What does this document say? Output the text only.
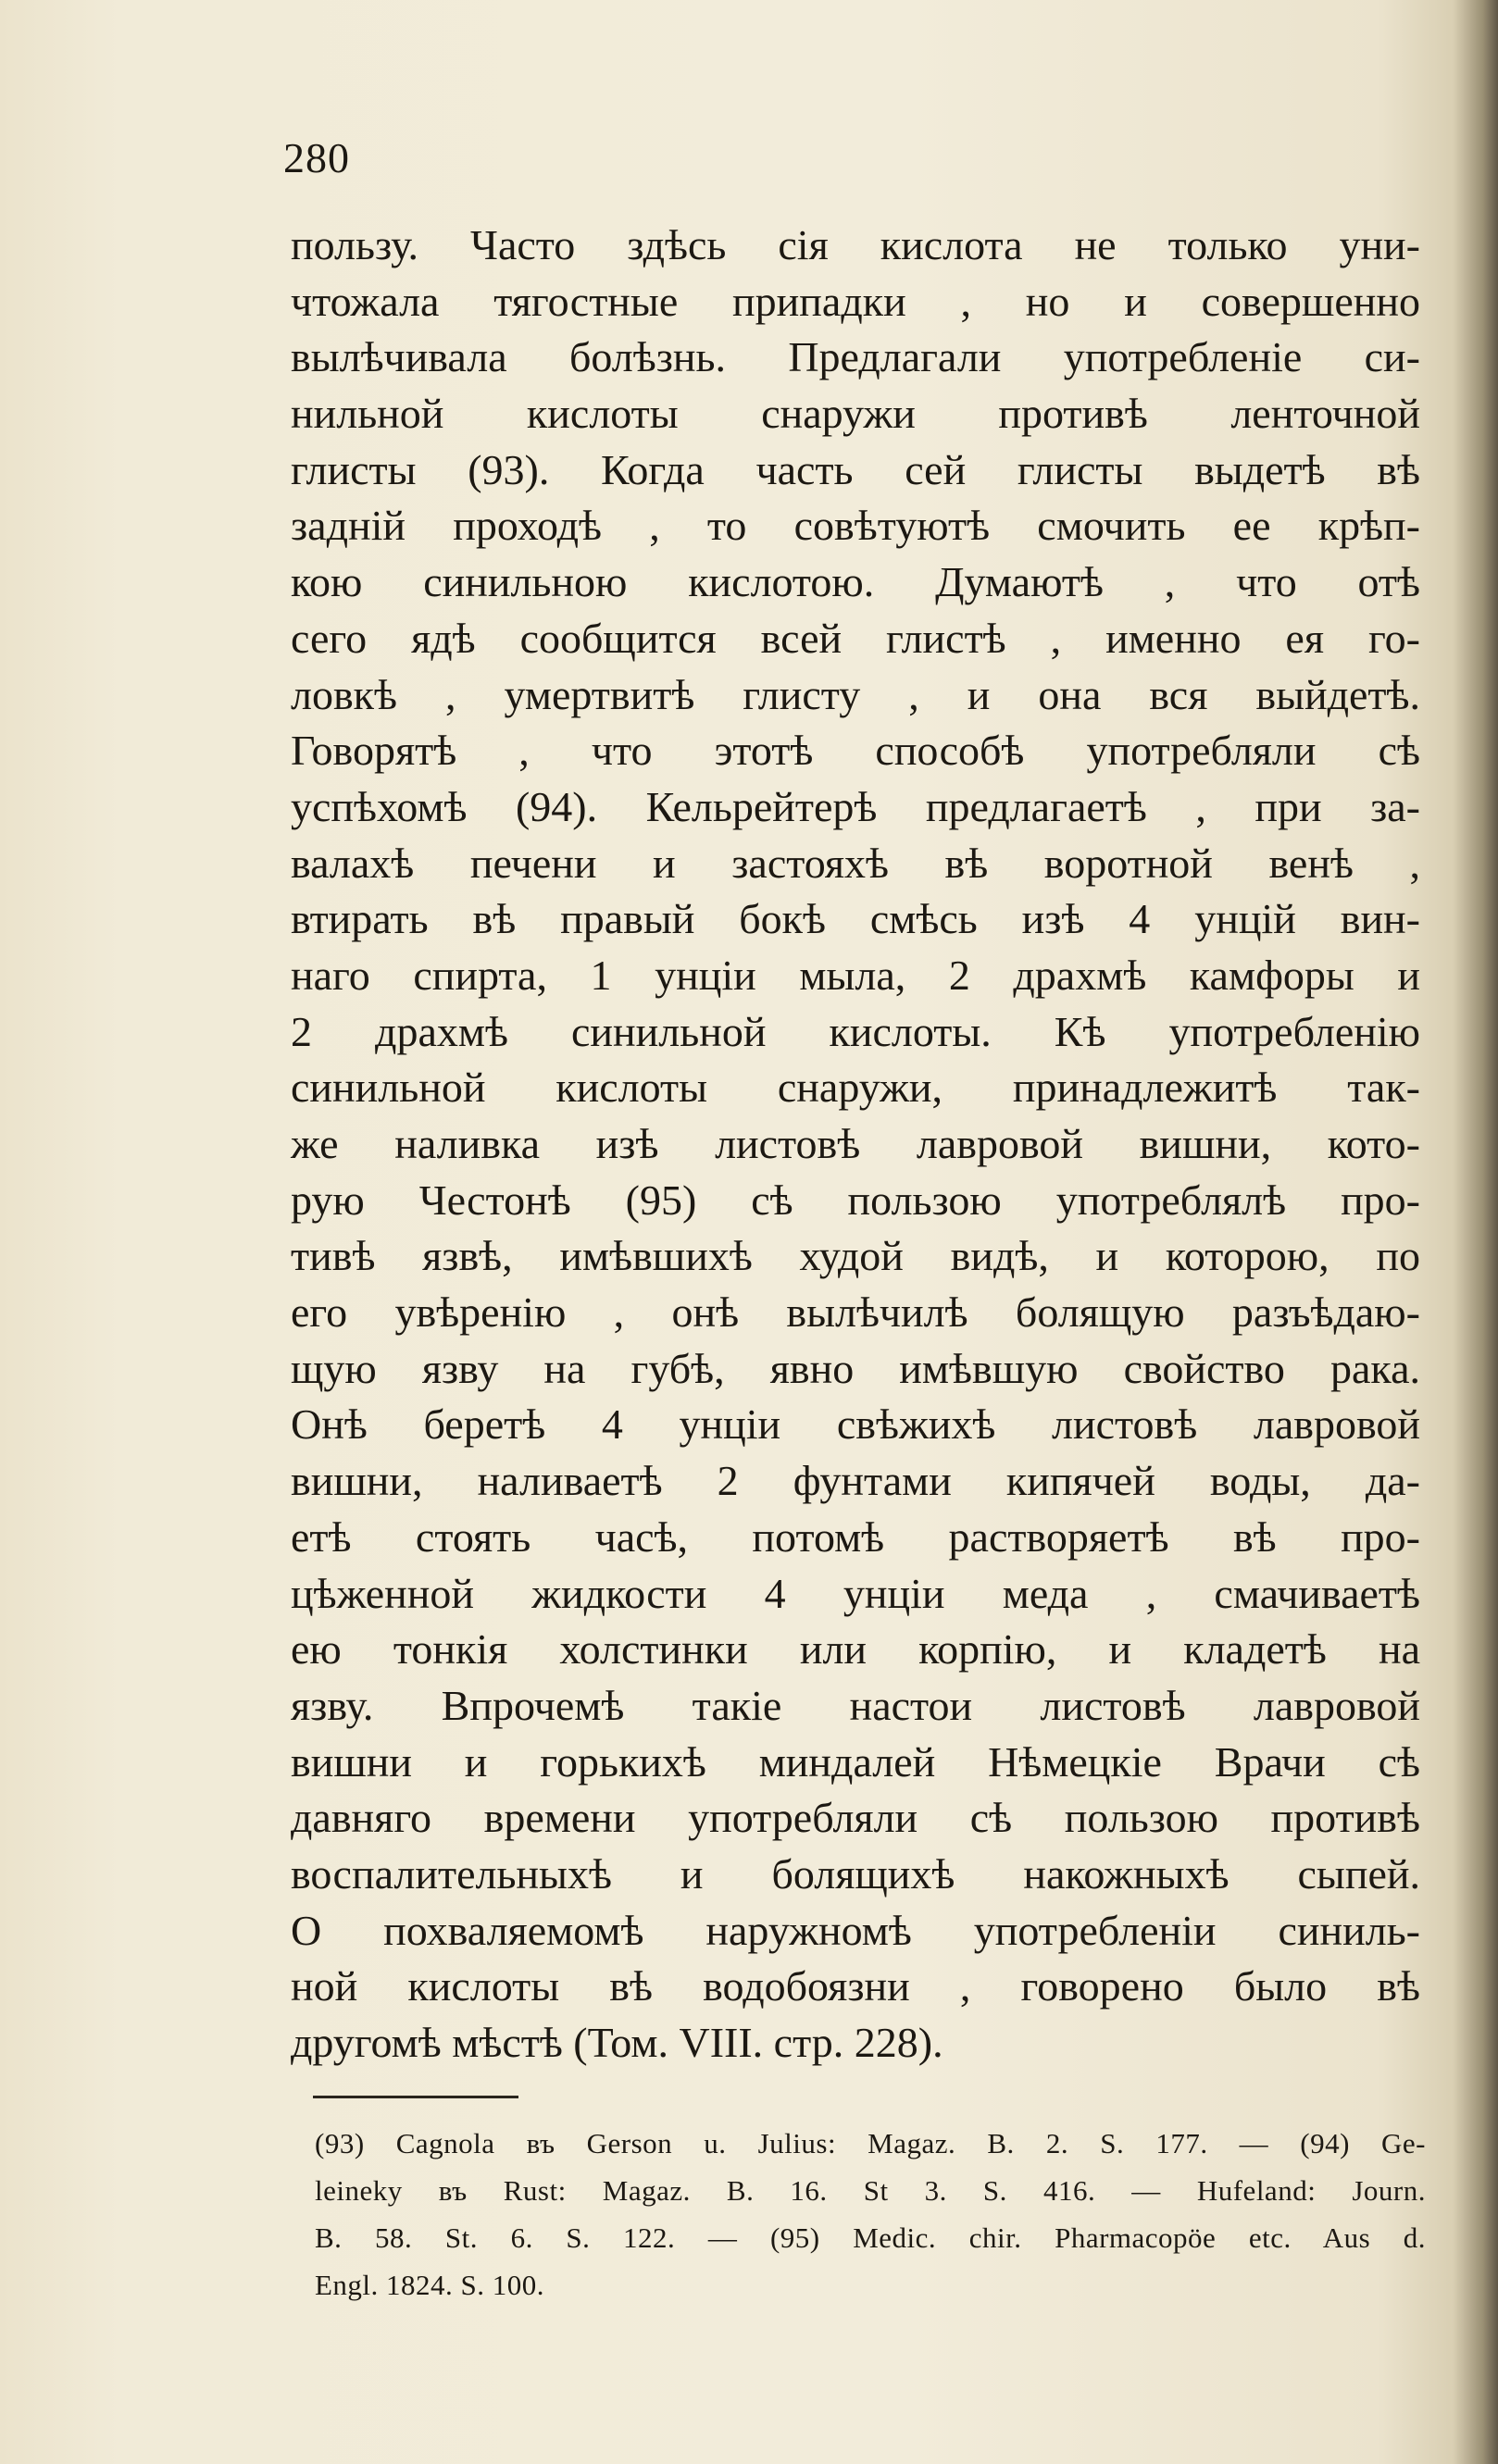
280
пользу. Часто здѣсь сія кислота не только уни-
чтожала тягостные припадки , но и совершенно
вылѣчивала болѣзнь. Предлагали употребленіе си-
нильной кислоты снаружи противѣ ленточной
глисты (93). Когда часть сей глисты выдетѣ вѣ
задній проходѣ , то совѣтуютѣ смочить ее крѣп-
кою синильною кислотою. Думаютѣ , что отѣ
сего ядѣ сообщится всей глистѣ , именно ея го-
ловкѣ , умертвитѣ глисту , и она вся выйдетѣ.
Говорятѣ , что этотѣ способѣ употребляли сѣ
успѣхомѣ (94). Кельрейтерѣ предлагаетѣ , при за-
валахѣ печени и застояхѣ вѣ воротной венѣ ,
втирать вѣ правый бокѣ смѣсь изѣ 4 унцій вин-
наго спирта, 1 унціи мыла, 2 драхмѣ камфоры и
2 драхмѣ синильной кислоты. Кѣ употребленію
синильной кислоты снаружи, принадлежитѣ так-
же наливка изѣ листовѣ лавровой вишни, кото-
рую Честонѣ (95) сѣ пользою употреблялѣ про-
тивѣ язвѣ, имѣвшихѣ худой видѣ, и которою, по
его увѣренію , онѣ вылѣчилѣ болящую разъѣдаю-
щую язву на губѣ, явно имѣвшую свойство рака.
Онѣ беретѣ 4 унціи свѣжихѣ листовѣ лавровой
вишни, наливаетѣ 2 фунтами кипячей воды, да-
етѣ стоять часѣ, потомѣ растворяетѣ вѣ про-
цѣженной жидкости 4 унціи меда , смачиваетѣ
ею тонкія холстинки или корпію, и кладетѣ на
язву. Впрочемѣ такіе настои листовѣ лавровой
вишни и горькихѣ миндалей Нѣмецкіе Врачи сѣ
давняго времени употребляли сѣ пользою противѣ
воспалительныхѣ и болящихѣ накожныхѣ сыпей.
О похваляемомѣ наружномѣ употребленіи синиль-
ной кислоты вѣ водобоязни , говорено было вѣ
другомѣ мѣстѣ (Том. VIII. стр. 228).
(93) Cagnola въ Gerson u. Julius: Magaz. B. 2. S. 177. — (94) Ge-
leineky въ Rust: Magaz. B. 16. St 3. S. 416. — Hufeland: Journ.
B. 58. St. 6. S. 122. — (95) Medic. chir. Pharmacopöe etc. Aus d.
Engl. 1824. S. 100.
